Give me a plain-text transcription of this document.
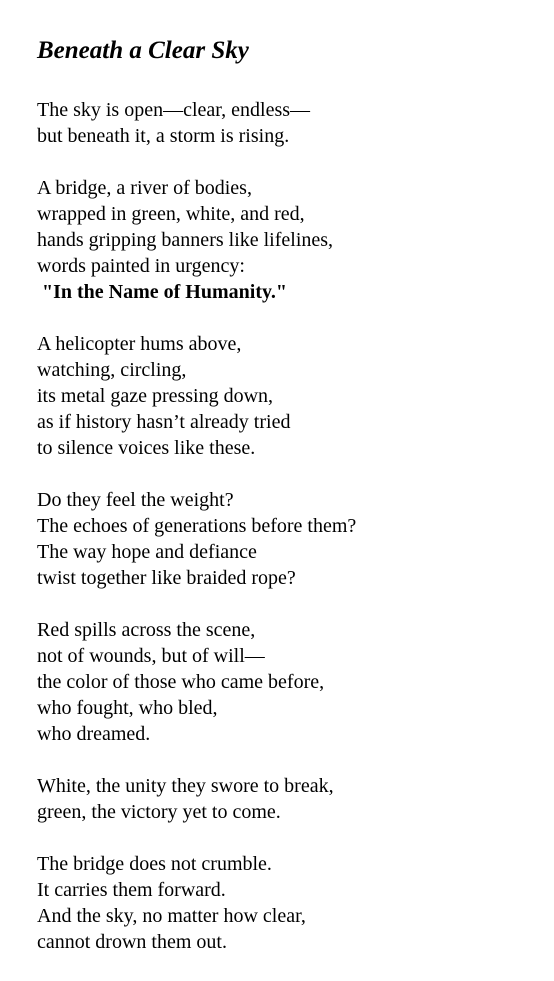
Beneath a Clear Sky
The sky is open—clear, endless—
but beneath it, a storm is rising.
A bridge, a river of bodies,
wrapped in green, white, and red,
hands gripping banners like lifelines,
words painted in urgency:
"In the Name of Humanity."
A helicopter hums above,
watching, circling,
its metal gaze pressing down,
as if history hasn’t already tried
to silence voices like these.
Do they feel the weight?
The echoes of generations before them?
The way hope and defiance
twist together like braided rope?
Red spills across the scene,
not of wounds, but of will—
the color of those who came before,
who fought, who bled,
who dreamed.
White, the unity they swore to break,
green, the victory yet to come.
The bridge does not crumble.
It carries them forward.
And the sky, no matter how clear,
cannot drown them out.
